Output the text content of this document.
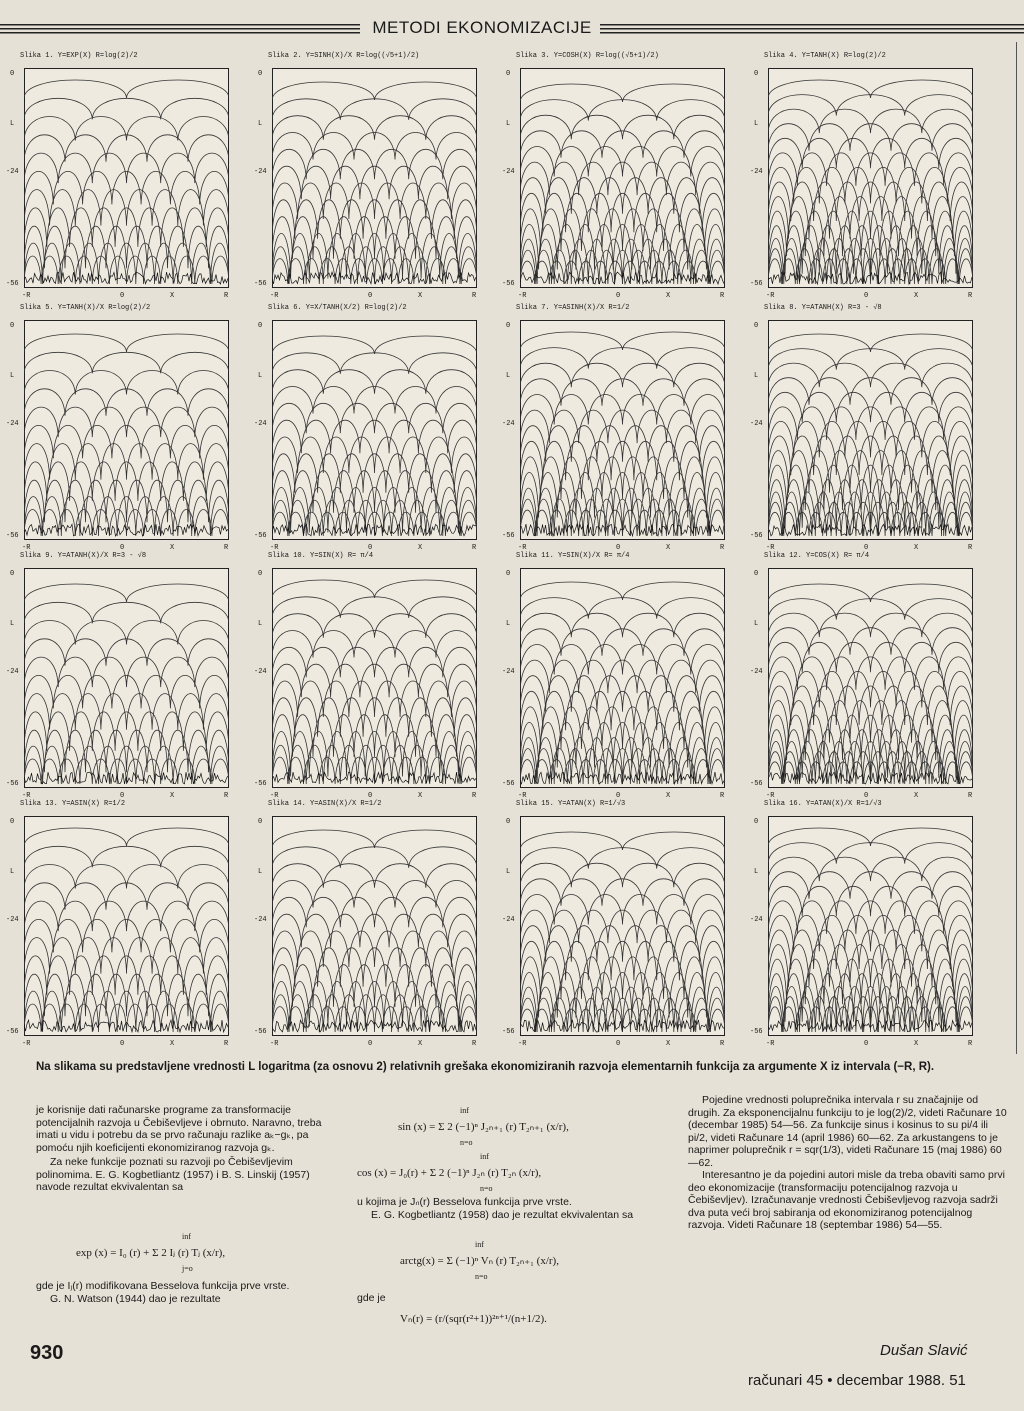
METODI EKONOMIZACIJE
Slika 1. Y=EXP(X) R=log(2)/2
0
L
-24
-56
-R	0	X	R
Slika 2. Y=SINH(X)/X R=log((√5+1)/2)
0
L
-24
-56
-R	0	X	R
Slika 3. Y=COSH(X) R=log((√5+1)/2)
0
L
-24
-56
-R	0	X	R
Slika 4. Y=TANH(X) R=log(2)/2
0
L
-24
-56
-R	0	X	R
Slika 5. Y=TANH(X)/X R=log(2)/2
0
L
-24
-56
-R	0	X	R
Slika 6. Y=X/TANH(X/2) R=log(2)/2
0
L
-24
-56
-R	0	X	R
Slika 7. Y=ASINH(X)/X R=1/2
0
L
-24
-56
-R	0	X	R
Slika 8. Y=ATANH(X) R=3 - √8
0
L
-24
-56
-R	0	X	R
Slika 9. Y=ATANH(X)/X R=3 - √8
0
L
-24
-56
-R	0	X	R
Slika 10. Y=SIN(X) R= π/4
0
L
-24
-56
-R	0	X	R
Slika 11. Y=SIN(X)/X R= π/4
0
L
-24
-56
-R	0	X	R
Slika 12. Y=COS(X) R= π/4
0
L
-24
-56
-R	0	X	R
Slika 13. Y=ASIN(X) R=1/2
0
L
-24
-56
-R	0	X	R
Slika 14. Y=ASIN(X)/X R=1/2
0
L
-24
-56
-R	0	X	R
Slika 15. Y=ATAN(X) R=1/√3
0
L
-24
-56
-R	0	X	R
Slika 16. Y=ATAN(X)/X R=1/√3
0
L
-24
-56
-R	0	X	R
Na slikama su predstavljene vrednosti L logaritma (za osnovu 2) relativnih grešaka ekonomiziranih razvoja elementarnih funkcija za argumente X iz intervala (−R, R).

je korisnije dati računarske programe za transformacije potencijalnih razvoja u Čebiševljeve i obrnuto. Naravno, treba imati u vidu i potrebu da se prvo računaju razlike aₖ−gₖ, pa pomoću njih koeficijenti ekonomiziranog razvoja gₖ.

Za neke funkcije poznati su razvoji po Čebiševljevim polinomima. E. G. Kogbetliantz (1957) i B. S. Linskij (1957) navode rezultat ekvivalentan sa

exp (x) = I₀ (r) + Σ 2 Iⱼ (r) Tⱼ (x/r),
inf
j=o

gde je Iⱼ(r) modifikovana Besselova funkcija prve vrste.

G. N. Watson (1944) dao je rezultate

sin (x) = Σ 2 (−1)ⁿ J₂ₙ₊₁ (r) T₂ₙ₊₁ (x/r),
inf
n=o
cos (x) = J₀(r) + Σ 2 (−1)ⁿ J₂ₙ (r) T₂ₙ (x/r),
inf
n=o

u kojima je Jₙ(r) Besselova funkcija prve vrste.

E. G. Kogbetliantz (1958) dao je rezultat ekvivalentan sa

arctg(x) = Σ (−1)ⁿ Vₙ (r) T₂ₙ₊₁ (x/r),
inf
n=o

gde je

Vₙ(r) = (r/(sqr(r²+1))²ⁿ⁺¹/(n+1/2).

Pojedine vrednosti poluprečnika intervala r su značajnije od drugih. Za eksponencijalnu funkciju to je log(2)/2, videti Računare 10 (decembar 1985) 54—56. Za funkcije sinus i kosinus to su pi/4 ili pi/2, videti Računare 14 (april 1986) 60—62. Za arkustangens to je naprimer poluprečnik r = sqr(1/3), videti Računare 15 (maj 1986) 60—62.

Interesantno je da pojedini autori misle da treba obaviti samo prvi deo ekonomizacije (transformaciju potencijalnog razvoja u Čebiševljev). Izračunavanje vrednosti Čebiševljevog razvoja sadrži dva puta veći broj sabiranja od ekonomiziranog potencijalnog razvoja. Videti Računare 18 (septembar 1986) 54—55.

930	Dušan Slavić
računari 45 • decembar 1988. 51
